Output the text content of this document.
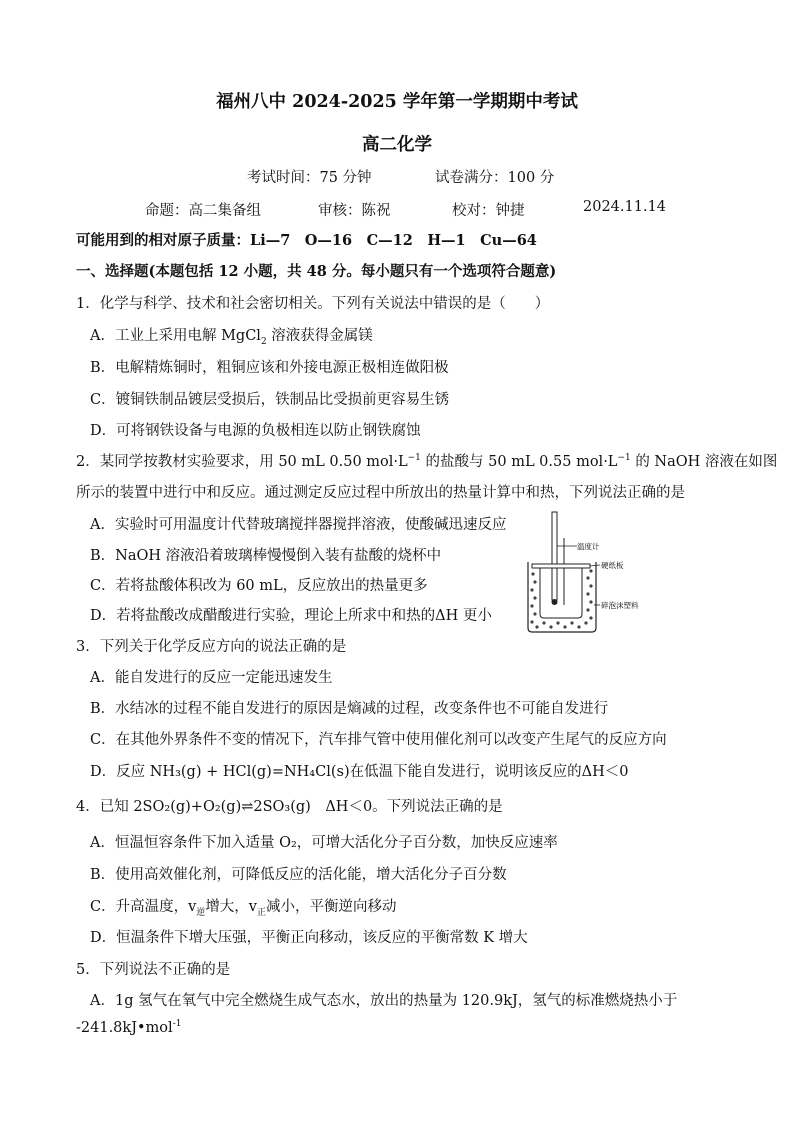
福州八中 2024-2025 学年第一学期期中考试
高二化学
考试时间：75 分钟	试卷满分：100 分
命题：高二集备组	审核：陈祝	校对：钟捷	2024.11.14
可能用到的相对原子质量：Li—7　O—16　C—12　H—1　Cu—64
一、选择题(本题包括 12 小题，共 48 分。每小题只有一个选项符合题意)
1．化学与科学、技术和社会密切相关。下列有关说法中错误的是（　　）
A．工业上采用电解 MgCl$_2$ 溶液获得金属镁
B．电解精炼铜时，粗铜应该和外接电源正极相连做阳极
C．镀铜铁制品镀层受损后，铁制品比受损前更容易生锈
D．可将钢铁设备与电源的负极相连以防止钢铁腐蚀
2．某同学按教材实验要求，用 50 mL 0.50 $mol\cdot L^{-1}$ 的盐酸与 50 mL 0.55 $mol\cdot L^{-1}$ 的 NaOH 溶液在如图
所示的装置中进行中和反应。通过测定反应过程中所放出的热量计算中和热，下列说法正确的是
A．实验时可用温度计代替玻璃搅拌器搅拌溶液，使酸碱迅速反应
B．NaOH 溶液沿着玻璃棒慢慢倒入装有盐酸的烧杯中
C．若将盐酸体积改为 60 mL，反应放出的热量更多
D．若将盐酸改成醋酸进行实验，理论上所求中和热的ΔH 更小
温度计
硬纸板
碎泡沫塑料
3．下列关于化学反应方向的说法正确的是
A．能自发进行的反应一定能迅速发生
B．水结冰的过程不能自发进行的原因是熵减的过程，改变条件也不可能自发进行
C．在其他外界条件不变的情况下，汽车排气管中使用催化剂可以改变产生尾气的反应方向
D．反应 NH₃(g) + HCl(g)=NH₄Cl(s)在低温下能自发进行，说明该反应的ΔH＜0
4．已知 2SO₂(g)+O₂(g)⇌2SO₃(g)　ΔH＜0。下列说法正确的是
A．恒温恒容条件下加入适量 O₂，可增大活化分子百分数，加快反应速率
B．使用高效催化剂，可降低反应的活化能，增大活化分子百分数
C．升高温度，$v_逆$增大，$v_正$减小，平衡逆向移动
D．恒温条件下增大压强，平衡正向移动，该反应的平衡常数 K 增大
5．下列说法不正确的是
A．1g 氢气在氧气中完全燃烧生成气态水，放出的热量为 120.9kJ，氢气的标准燃烧热小于
-241.8kJ•mol$^{-1}$
